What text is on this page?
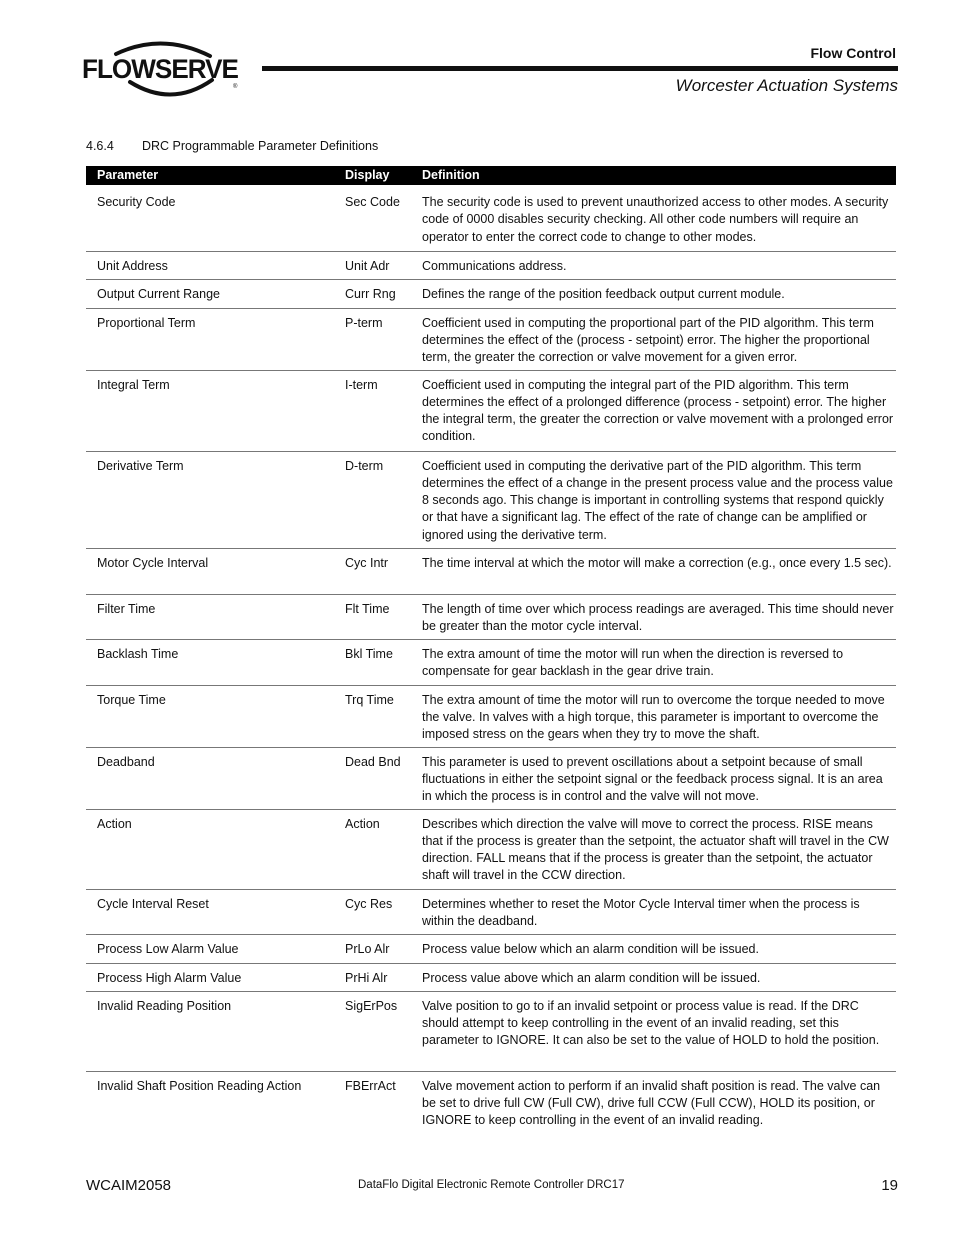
FLOWSERVE
®
Flow Control
Worcester Actuation Systems
4.6.4 DRC Programmable Parameter Definitions
Parameter	Display	Definition
Security Code	Sec Code	The security code is used to prevent unauthorized access to other modes. A security code of 0000 disables security checking. All other code numbers will require an operator to enter the correct code to change to other modes.
Unit Address	Unit Adr	Communications address.
Output Current Range	Curr Rng	Defines the range of the position feedback output current module.
Proportional Term	P-term	Coefficient used in computing the proportional part of the PID algorithm. This term determines the effect of the (process - setpoint) error. The higher the proportional term, the greater the correction or valve movement for a given error.
Integral Term	I-term	Coefficient used in computing the integral part of the PID algorithm. This term determines the effect of a prolonged difference (process - setpoint) error. The higher the integral term, the greater the correction or valve movement with a prolonged error condition.
Derivative Term	D-term	Coefficient used in computing the derivative part of the PID algorithm. This term determines the effect of a change in the present process value and the process value 8 seconds ago. This change is important in controlling systems that respond quickly or that have a significant lag. The effect of the rate of change can be amplified or ignored using the derivative term.
Motor Cycle Interval	Cyc Intr	The time interval at which the motor will make a correction (e.g., once every 1.5 sec).
Filter Time	Flt Time	The length of time over which process readings are averaged. This time should never be greater than the motor cycle interval.
Backlash Time	Bkl Time	The extra amount of time the motor will run when the direction is reversed to compensate for gear backlash in the gear drive train.
Torque Time	Trq Time	The extra amount of time the motor will run to overcome the torque needed to move the valve. In valves with a high torque, this parameter is important to overcome the imposed stress on the gears when they try to move the shaft.
Deadband	Dead Bnd	This parameter is used to prevent oscillations about a setpoint because of small fluctuations in either the setpoint signal or the feedback process signal. It is an area in which the process is in control and the valve will not move.
Action	Action	Describes which direction the valve will move to correct the process. RISE means that if the process is greater than the setpoint, the actuator shaft will travel in the CW direction. FALL means that if the process is greater than the setpoint, the actuator shaft will travel in the CCW direction.
Cycle Interval Reset	Cyc Res	Determines whether to reset the Motor Cycle Interval timer when the process is within the deadband.
Process Low Alarm Value	PrLo Alr	Process value below which an alarm condition will be issued.
Process High Alarm Value	PrHi Alr	Process value above which an alarm condition will be issued.
Invalid Reading Position	SigErPos	Valve position to go to if an invalid setpoint or process value is read. If the DRC should attempt to keep controlling in the event of an invalid reading, set this parameter to IGNORE. It can also be set to the value of HOLD to hold the position.
Invalid Shaft Position Reading Action	FBErrAct	Valve movement action to perform if an invalid shaft position is read. The valve can be set to drive full CW (Full CW), drive full CCW (Full CCW), HOLD its position, or IGNORE to keep controlling in the event of an invalid reading.
WCAIM2058	DataFlo Digital Electronic Remote Controller DRC17	19
